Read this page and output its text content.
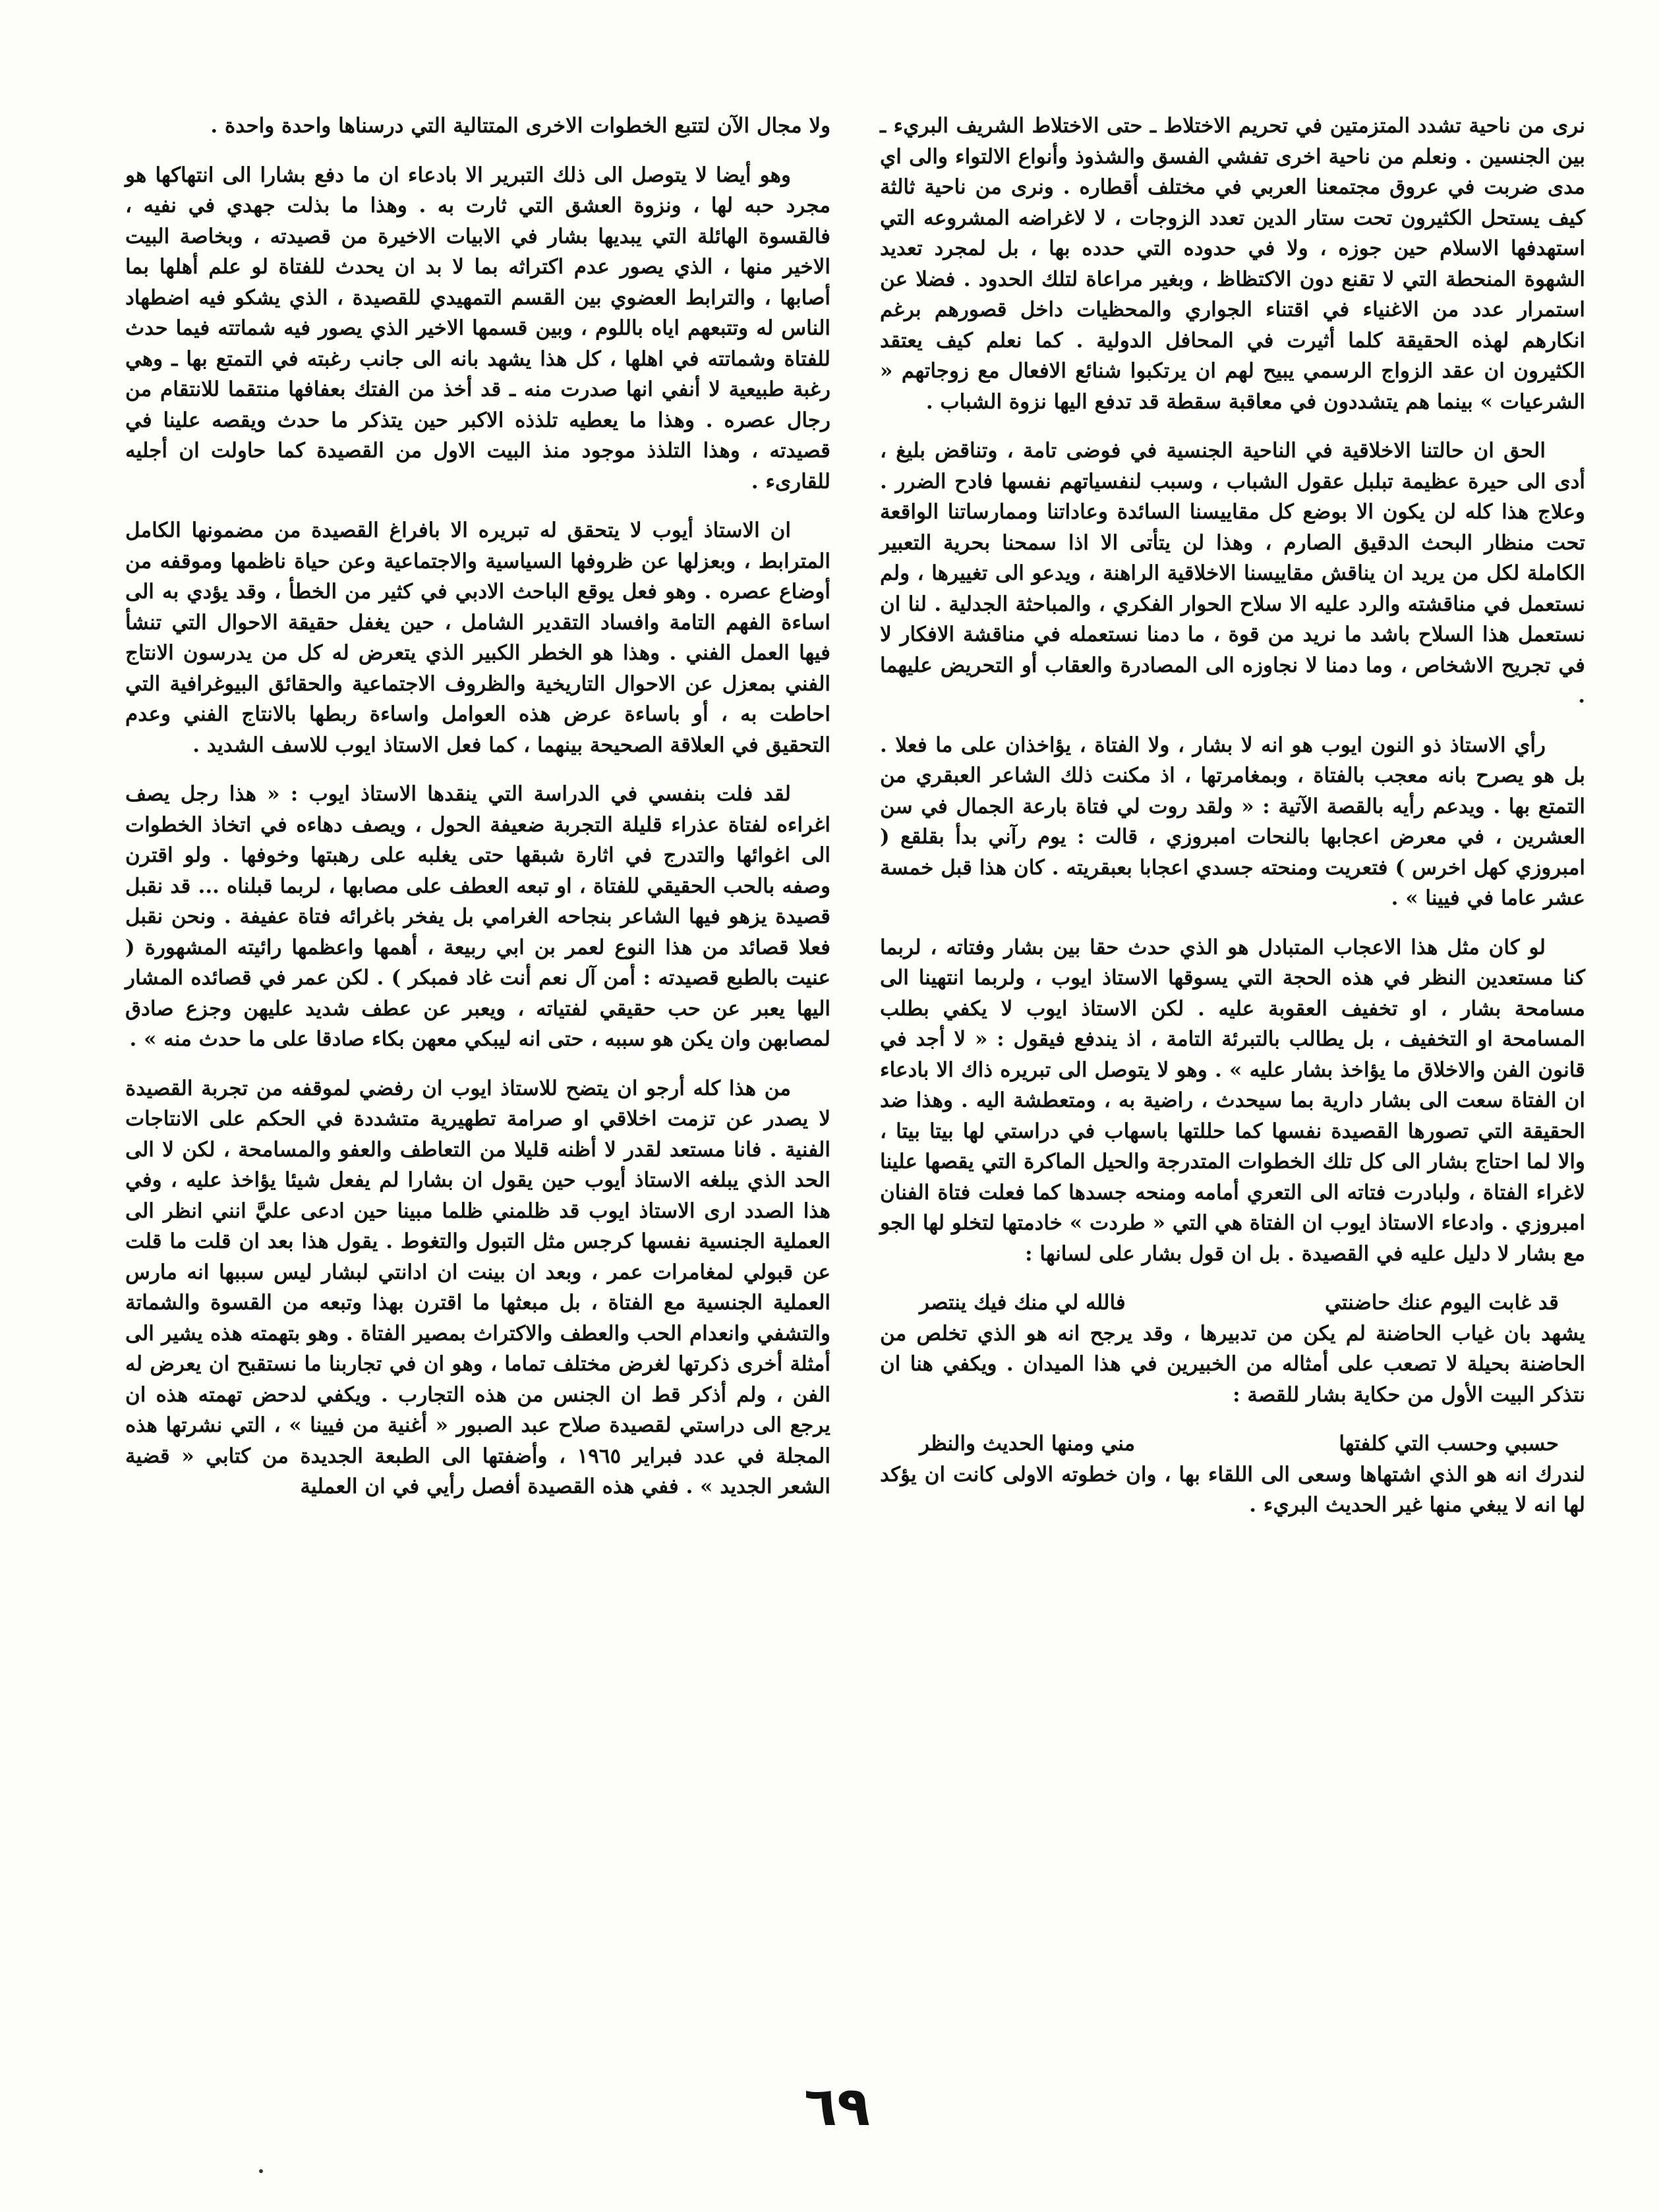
نرى من ناحية تشدد المتزمتين في تحريم الاختلاط ـ حتى الاختلاط الشريف البريء ـ بين الجنسين . ونعلم من ناحية اخرى تفشي الفسق والشذوذ وأنواع الالتواء والى اي مدى ضربت في عروق مجتمعنا العربي في مختلف أقطاره . ونرى من ناحية ثالثة كيف يستحل الكثيرون تحت ستار الدين تعدد الزوجات ، لا لاغراضه المشروعه التي استهدفها الاسلام حين جوزه ، ولا في حدوده التي حدده بها ، بل لمجرد تعديد الشهوة المنحطة التي لا تقنع دون الاكتظاظ ، وبغير مراعاة لتلك الحدود . فضلا عن استمرار عدد من الاغنياء في اقتناء الجواري والمحظيات داخل قصورهم برغم انكارهم لهذه الحقيقة كلما أثيرت في المحافل الدولية . كما نعلم كيف يعتقد الكثيرون ان عقد الزواج الرسمي يبيح لهم ان يرتكبوا شنائع الافعال مع زوجاتهم « الشرعيات » بينما هم يتشددون في معاقبة سقطة قد تدفع اليها نزوة الشباب .

الحق ان حالتنا الاخلاقية في الناحية الجنسية في فوضى تامة ، وتناقض بليغ ، أدى الى حيرة عظيمة تبلبل عقول الشباب ، وسبب لنفسياتهم نفسها فادح الضرر . وعلاج هذا كله لن يكون الا بوضع كل مقاييسنا السائدة وعاداتنا وممارساتنا الواقعة تحت منظار البحث الدقيق الصارم ، وهذا لن يتأتى الا اذا سمحنا بحرية التعبير الكاملة لكل من يريد ان يناقش مقاييسنا الاخلاقية الراهنة ، ويدعو الى تغييرها ، ولم نستعمل في مناقشته والرد عليه الا سلاح الحوار الفكري ، والمباحثة الجدلية . لنا ان نستعمل هذا السلاح باشد ما نريد من قوة ، ما دمنا نستعمله في مناقشة الافكار لا في تجريح الاشخاص ، وما دمنا لا نجاوزه الى المصادرة والعقاب أو التحريض عليهما .

رأي الاستاذ ذو النون ايوب هو انه لا بشار ، ولا الفتاة ، يؤاخذان على ما فعلا . بل هو يصرح بانه معجب بالفتاة ، وبمغامرتها ، اذ مكنت ذلك الشاعر العبقري من التمتع بها . ويدعم رأيه بالقصة الآتية : « ولقد روت لي فتاة بارعة الجمال في سن العشرين ، في معرض اعجابها بالنحات امبروزي ، قالت : يوم رآني بدأ بقلقع ( امبروزي كهل اخرس ) فتعريت ومنحته جسدي اعجابا بعبقريته . كان هذا قبل خمسة عشر عاما في فيينا » .

لو كان مثل هذا الاعجاب المتبادل هو الذي حدث حقا بين بشار وفتاته ، لربما كنا مستعدين النظر في هذه الحجة التي يسوقها الاستاذ ايوب ، ولربما انتهينا الى مسامحة بشار ، او تخفيف العقوبة عليه . لكن الاستاذ ايوب لا يكفي بطلب المسامحة او التخفيف ، بل يطالب بالتبرئة التامة ، اذ يندفع فيقول : « لا أجد في قانون الفن والاخلاق ما يؤاخذ بشار عليه » . وهو لا يتوصل الى تبريره ذاك الا بادعاء ان الفتاة سعت الى بشار دارية بما سيحدث ، راضية به ، ومتعطشة اليه . وهذا ضد الحقيقة التي تصورها القصيدة نفسها كما حللتها باسهاب في دراستي لها بيتا بيتا ، والا لما احتاج بشار الى كل تلك الخطوات المتدرجة والحيل الماكرة التي يقصها علينا لاغراء الفتاة ، ولبادرت فتاته الى التعري أمامه ومنحه جسدها كما فعلت فتاة الفنان امبروزي . وادعاء الاستاذ ايوب ان الفتاة هي التي « طردت » خادمتها لتخلو لها الجو مع بشار لا دليل عليه في القصيدة . بل ان قول بشار على لسانها :

قد غابت اليوم عنك حاضنتي
فالله لي منك فيك ينتصر

يشهد بان غياب الحاضنة لم يكن من تدبيرها ، وقد يرجح انه هو الذي تخلص من الحاضنة بحيلة لا تصعب على أمثاله من الخبيرين في هذا الميدان . ويكفي هنا ان نتذكر البيت الأول من حكاية بشار للقصة :

حسبي وحسب التي كلفتها
مني ومنها الحديث والنظر

لندرك انه هو الذي اشتهاها وسعى الى اللقاء بها ، وان خطوته الاولى كانت ان يؤكد لها انه لا يبغي منها غير الحديث البريء .

ولا مجال الآن لتتبع الخطوات الاخرى المتتالية التي درسناها واحدة واحدة .

وهو أيضا لا يتوصل الى ذلك التبرير الا بادعاء ان ما دفع بشارا الى انتهاكها هو مجرد حبه لها ، ونزوة العشق التي ثارت به . وهذا ما بذلت جهدي في نفيه ، فالقسوة الهائلة التي يبديها بشار في الابيات الاخيرة من قصيدته ، وبخاصة البيت الاخير منها ، الذي يصور عدم اكتراثه بما لا بد ان يحدث للفتاة لو علم أهلها بما أصابها ، والترابط العضوي بين القسم التمهيدي للقصيدة ، الذي يشكو فيه اضطهاد الناس له وتتبعهم اياه باللوم ، وبين قسمها الاخير الذي يصور فيه شماتته فيما حدث للفتاة وشماتته في اهلها ، كل هذا يشهد بانه الى جانب رغبته في التمتع بها ـ وهي رغبة طبيعية لا أنفي انها صدرت منه ـ قد أخذ من الفتك بعفافها منتقما للانتقام من رجال عصره . وهذا ما يعطيه تلذذه الاكبر حين يتذكر ما حدث ويقصه علينا في قصيدته ، وهذا التلذذ موجود منذ البيت الاول من القصيدة كما حاولت ان أجليه للقارىء .

ان الاستاذ أيوب لا يتحقق له تبريره الا بافراغ القصيدة من مضمونها الكامل المترابط ، وبعزلها عن ظروفها السياسية والاجتماعية وعن حياة ناظمها وموقفه من أوضاع عصره . وهو فعل يوقع الباحث الادبي في كثير من الخطأ ، وقد يؤدي به الى اساءة الفهم التامة وافساد التقدير الشامل ، حين يغفل حقيقة الاحوال التي تنشأ فيها العمل الفني . وهذا هو الخطر الكبير الذي يتعرض له كل من يدرسون الانتاج الفني بمعزل عن الاحوال التاريخية والظروف الاجتماعية والحقائق البيوغرافية التي احاطت به ، أو باساءة عرض هذه العوامل واساءة ربطها بالانتاج الفني وعدم التحقيق في العلاقة الصحيحة بينهما ، كما فعل الاستاذ ايوب للاسف الشديد .

لقد فلت بنفسي في الدراسة التي ينقدها الاستاذ ايوب : « هذا رجل يصف اغراءه لفتاة عذراء قليلة التجربة ضعيفة الحول ، ويصف دهاءه في اتخاذ الخطوات الى اغوائها والتدرج في اثارة شبقها حتى يغلبه على رهبتها وخوفها . ولو اقترن وصفه بالحب الحقيقي للفتاة ، او تبعه العطف على مصابها ، لربما قبلناه ... قد نقبل قصيدة يزهو فيها الشاعر بنجاحه الغرامي بل يفخر باغرائه فتاة عفيفة . ونحن نقبل فعلا قصائد من هذا النوع لعمر بن ابي ربيعة ، أهمها واعظمها رائيته المشهورة ( عنيت بالطبع قصيدته : أمن آل نعم أنت غاد فمبكر ) . لكن عمر في قصائده المشار اليها يعبر عن حب حقيقي لفتياته ، ويعبر عن عطف شديد عليهن وجزع صادق لمصابهن وان يكن هو سببه ، حتى انه ليبكي معهن بكاء صادقا على ما حدث منه » .

من هذا كله أرجو ان يتضح للاستاذ ايوب ان رفضي لموقفه من تجربة القصيدة لا يصدر عن تزمت اخلاقي او صرامة تطهيرية متشددة في الحكم على الانتاجات الفنية . فانا مستعد لقدر لا أظنه قليلا من التعاطف والعفو والمسامحة ، لكن لا الى الحد الذي يبلغه الاستاذ أيوب حين يقول ان بشارا لم يفعل شيئا يؤاخذ عليه ، وفي هذا الصدد ارى الاستاذ ايوب قد ظلمني ظلما مبينا حين ادعى عليَّ انني انظر الى العملية الجنسية نفسها كرجس مثل التبول والتغوط . يقول هذا بعد ان قلت ما قلت عن قبولي لمغامرات عمر ، وبعد ان بينت ان ادانتي لبشار ليس سببها انه مارس العملية الجنسية مع الفتاة ، بل مبعثها ما اقترن بهذا وتبعه من القسوة والشماتة والتشفي وانعدام الحب والعطف والاكتراث بمصير الفتاة . وهو بتهمته هذه يشير الى أمثلة أخرى ذكرتها لغرض مختلف تماما ، وهو ان في تجاربنا ما نستقبح ان يعرض له الفن ، ولم أذكر قط ان الجنس من هذه التجارب . ويكفي لدحض تهمته هذه ان يرجع الى دراستي لقصيدة صلاح عبد الصبور « أغنية من فيينا » ، التي نشرتها هذه المجلة في عدد فبراير ١٩٦٥ ، وأضفتها الى الطبعة الجديدة من كتابي « قضية الشعر الجديد » . ففي هذه القصيدة أفصل رأيي في ان العملية

٦٩
